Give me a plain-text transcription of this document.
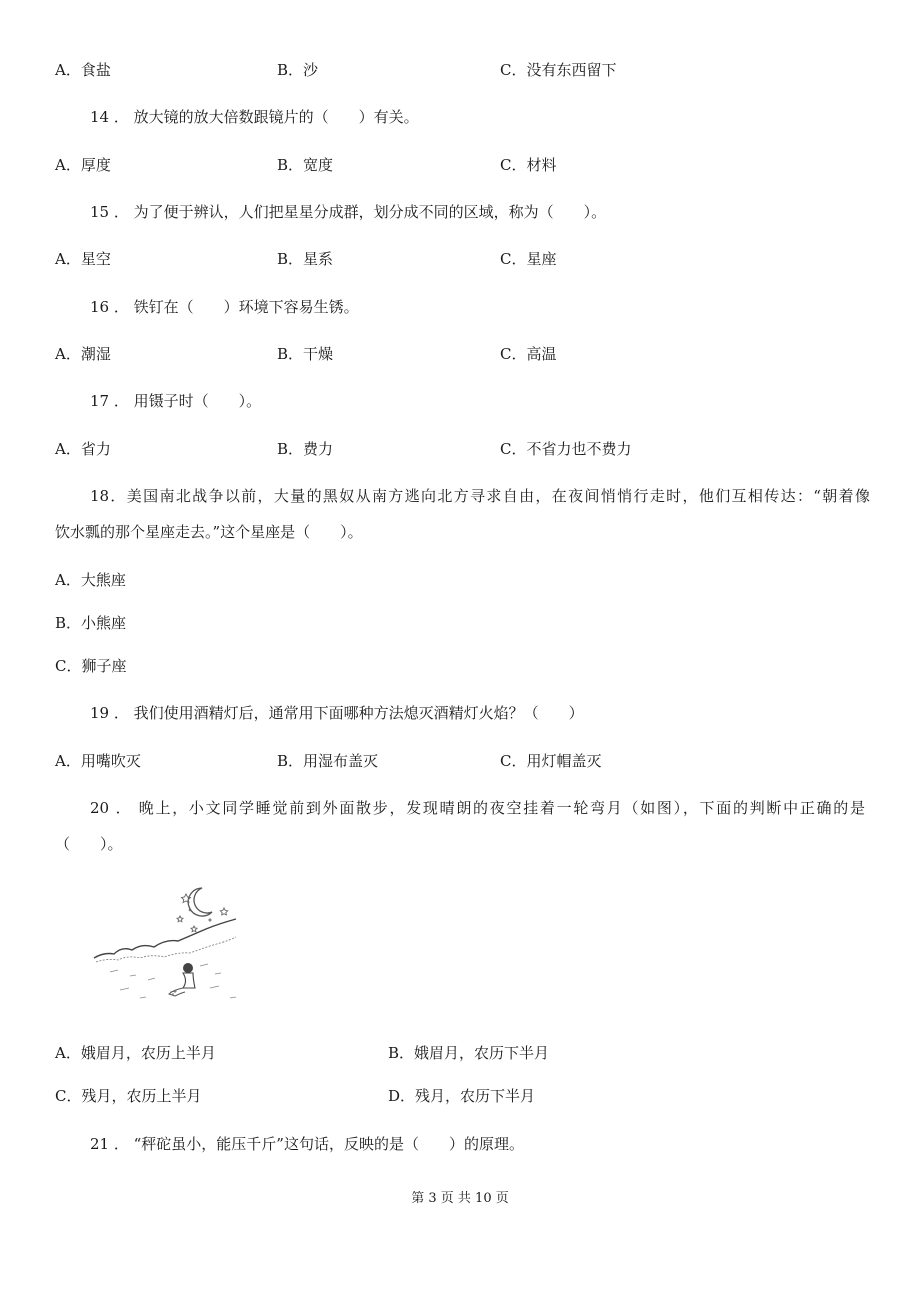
A．食盐	B．沙	C．没有东西留下
14 ． 放大镜的放大倍数跟镜片的（　　）有关。
A．厚度	B．宽度	C．材料
15 ． 为了便于辨认，人们把星星分成群，划分成不同的区域，称为（　　）。
A．星空	B．星系	C．星座
16 ． 铁钉在（　　）环境下容易生锈。
A．潮湿	B．干燥	C．高温
17 ． 用镊子时（　　）。
A．省力	B．费力	C．不省力也不费力
18．美国南北战争以前，大量的黑奴从南方逃向北方寻求自由，在夜间悄悄行走时，他们互相传达：“朝着像
饮水瓢的那个星座走去。”这个星座是（　　）。
A．大熊座
B．小熊座
C．狮子座
19 ． 我们使用酒精灯后，通常用下面哪种方法熄灭酒精灯火焰？（　　）
A．用嘴吹灭	B．用湿布盖灭	C．用灯帽盖灭
20 ． 晚上，小文同学睡觉前到外面散步，发现晴朗的夜空挂着一轮弯月（如图），下面的判断中正确的是
（　　）。
A．娥眉月，农历上半月	B．娥眉月，农历下半月
C．残月，农历上半月	D．残月，农历下半月
21 ． “秤砣虽小，能压千斤”这句话，反映的是（　　）的原理。
第 3 页 共 10 页
